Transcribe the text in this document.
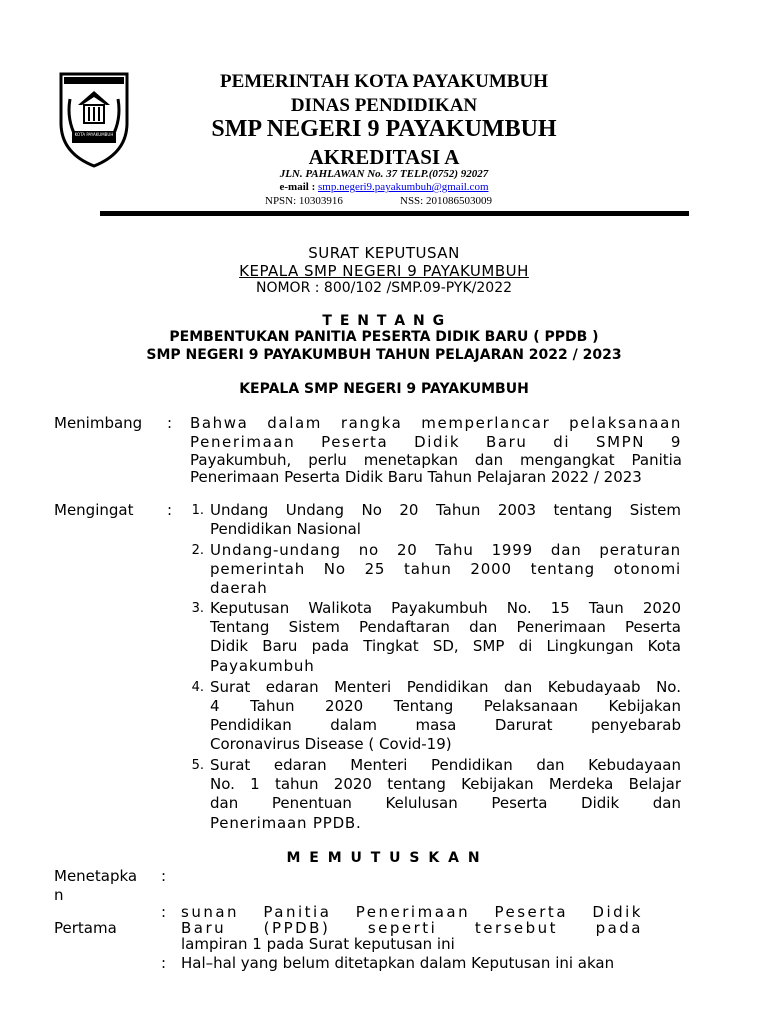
KOTA PAYAKUMBUH
PEMERINTAH KOTA PAYAKUMBUH
DINAS PENDIDIKAN
SMP NEGERI 9 PAYAKUMBUH
AKREDITASI A
JLN. PAHLAWAN No. 37 TELP.(0752) 92027
e-mail : smp.negeri9.payakumbuh@gmail.com
NPSN: 10303916	NSS: 201086503009
SURAT KEPUTUSAN
KEPALA SMP NEGERI 9 PAYAKUMBUH
NOMOR : 800/102 /SMP.09-PYK/2022
T E N T A N G
PEMBENTUKAN PANITIA PESERTA DIDIK BARU ( PPDB )
SMP NEGERI 9 PAYAKUMBUH TAHUN PELAJARAN 2022 / 2023
KEPALA SMP NEGERI 9 PAYAKUMBUH
Menimbang : Bahwa dalam rangka memperlancar pelaksanaan
Penerimaan Peserta Didik Baru di SMPN 9
Payakumbuh, perlu menetapkan dan mengangkat Panitia
Penerimaan Peserta Didik Baru Tahun Pelajaran 2022 / 2023
Mengingat : 1. Undang Undang No 20 Tahun 2003 tentang Sistem
Pendidikan Nasional
2. Undang-undang no 20 Tahu 1999 dan peraturan
pemerintah No 25 tahun 2000 tentang otonomi
daerah
3. Keputusan Walikota Payakumbuh No. 15 Taun 2020
Tentang Sistem Pendaftaran dan Penerimaan Peserta
Didik Baru pada Tingkat SD, SMP di Lingkungan Kota
Payakumbuh
4. Surat edaran Menteri Pendidikan dan Kebudayaab No.
4 Tahun 2020 Tentang Pelaksanaan Kebijakan
Pendidikan dalam masa Darurat penyebarab
Coronavirus Disease ( Covid-19)
5. Surat edaran Menteri Pendidikan dan Kebudayaan
No. 1 tahun 2020 tentang Kebijakan Merdeka Belajar
dan Penentuan Kelulusan Peserta Didik dan
Penerimaan PPDB.
M E M U T U S K A N
Menetapka
n
:
:
Pertama
sunan Panitia Penerimaan Peserta Didik
Baru (PPDB) seperti tersebut pada
lampiran 1 pada Surat keputusan ini
: Hal–hal yang belum ditetapkan dalam Keputusan ini akan
